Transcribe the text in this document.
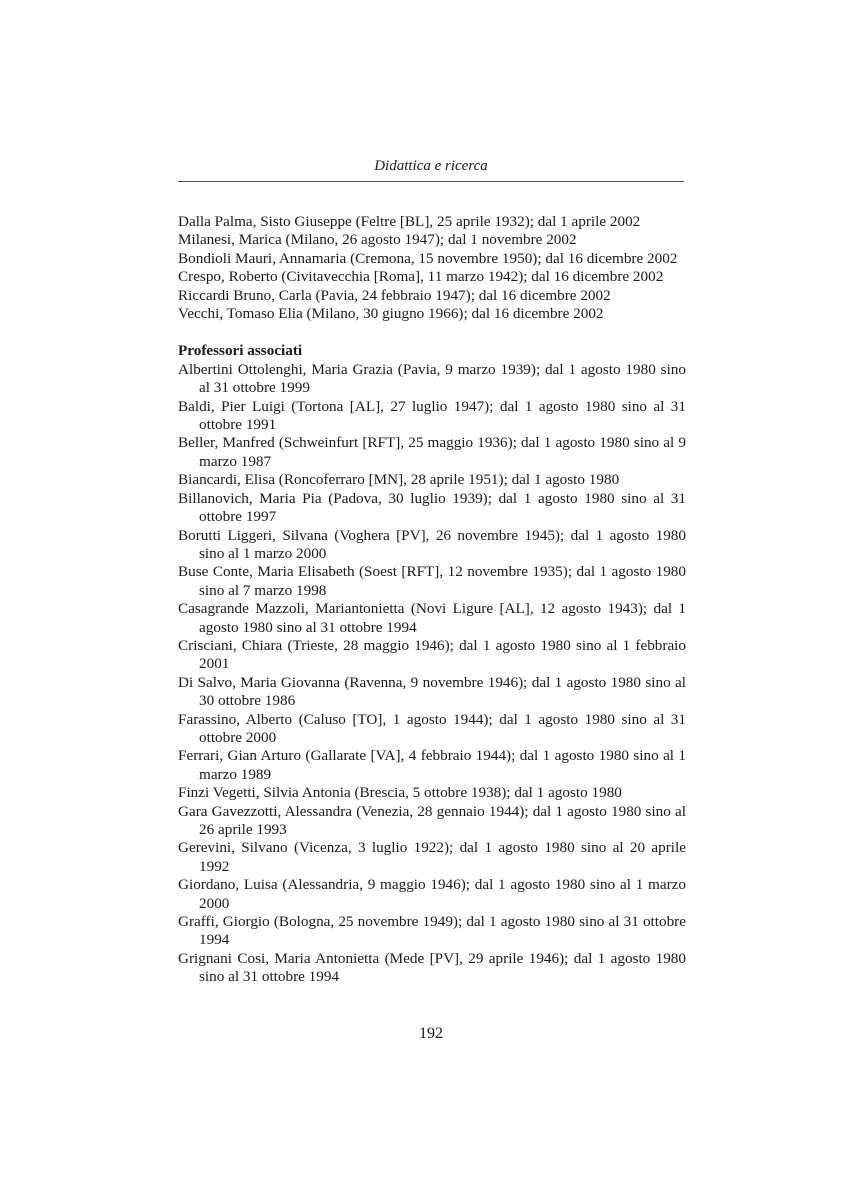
Didattica e ricerca
Dalla Palma, Sisto Giuseppe (Feltre [BL], 25 aprile 1932); dal 1 aprile 2002
Milanesi, Marica (Milano, 26 agosto 1947); dal 1 novembre 2002
Bondioli Mauri, Annamaria (Cremona, 15 novembre 1950); dal 16 dicembre 2002
Crespo, Roberto (Civitavecchia [Roma], 11 marzo 1942); dal 16 dicembre 2002
Riccardi Bruno, Carla (Pavia, 24 febbraio 1947); dal 16 dicembre 2002
Vecchi, Tomaso Elia (Milano, 30 giugno 1966); dal 16 dicembre 2002
Professori associati
Albertini Ottolenghi, Maria Grazia (Pavia, 9 marzo 1939); dal 1 agosto 1980 sino al 31 ottobre 1999
Baldi, Pier Luigi (Tortona [AL], 27 luglio 1947); dal 1 agosto 1980 sino al 31 ottobre 1991
Beller, Manfred (Schweinfurt [RFT], 25 maggio 1936); dal 1 agosto 1980 sino al 9 marzo 1987
Biancardi, Elisa (Roncoferraro [MN], 28 aprile 1951); dal 1 agosto 1980
Billanovich, Maria Pia (Padova, 30 luglio 1939); dal 1 agosto 1980 sino al 31 ottobre 1997
Borutti Liggeri, Silvana (Voghera [PV], 26 novembre 1945); dal 1 agosto 1980 sino al 1 marzo 2000
Buse Conte, Maria Elisabeth (Soest [RFT], 12 novembre 1935); dal 1 agosto 1980 sino al 7 marzo 1998
Casagrande Mazzoli, Mariantonietta (Novi Ligure [AL], 12 agosto 1943); dal 1 agosto 1980 sino al 31 ottobre 1994
Crisciani, Chiara (Trieste, 28 maggio 1946); dal 1 agosto 1980 sino al 1 febbraio 2001
Di Salvo, Maria Giovanna (Ravenna, 9 novembre 1946); dal 1 agosto 1980 sino al 30 ottobre 1986
Farassino, Alberto (Caluso [TO], 1 agosto 1944); dal 1 agosto 1980 sino al 31 ottobre 2000
Ferrari, Gian Arturo (Gallarate [VA], 4 febbraio 1944); dal 1 agosto 1980 sino al 1 marzo 1989
Finzi Vegetti, Silvia Antonia (Brescia, 5 ottobre 1938); dal 1 agosto 1980
Gara Gavezzotti, Alessandra (Venezia, 28 gennaio 1944); dal 1 agosto 1980 sino al 26 aprile 1993
Gerevini, Silvano (Vicenza, 3 luglio 1922); dal 1 agosto 1980 sino al 20 aprile 1992
Giordano, Luisa (Alessandria, 9 maggio 1946); dal 1 agosto 1980 sino al 1 marzo 2000
Graffi, Giorgio (Bologna, 25 novembre 1949); dal 1 agosto 1980 sino al 31 ottobre 1994
Grignani Cosi, Maria Antonietta (Mede [PV], 29 aprile 1946); dal 1 agosto 1980 sino al 31 ottobre 1994
192
